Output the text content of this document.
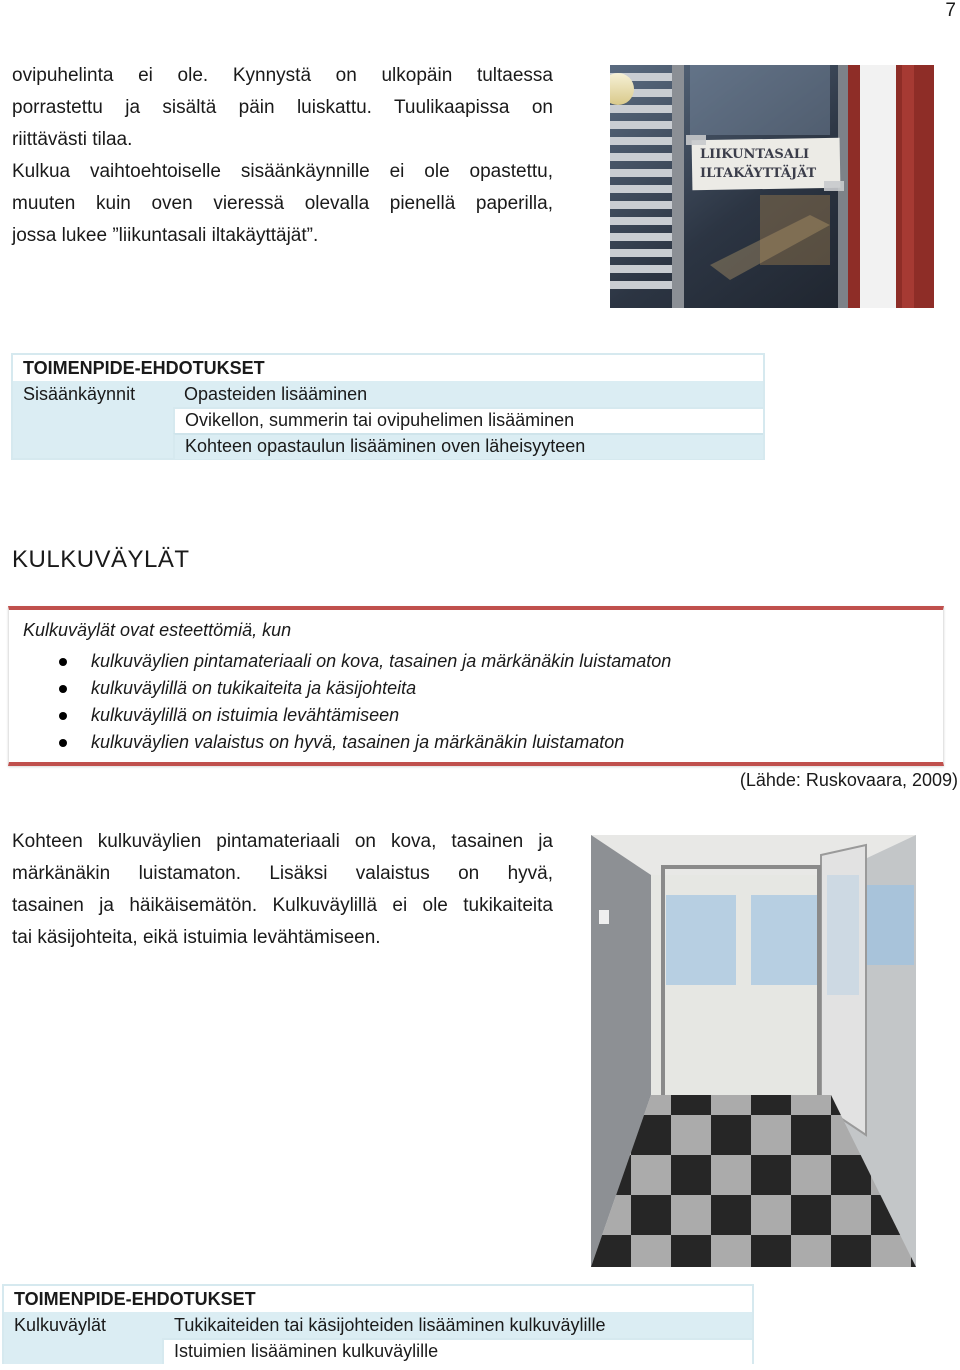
7

ovipuhelinta ei ole. Kynnystä on ulkopäin tultaessa
porrastettu ja sisältä päin luiskattu. Tuulikaapissa on
riittävästi tilaa.
Kulkua vaihtoehtoiselle sisäänkäynnille ei ole opastettu,
muuten kuin oven vieressä olevalla pienellä paperilla,
jossa lukee ”liikuntasali iltakäyttäjät”.

LIIKUNTASALI
ILTAKÄYTTÄJÄT
TOIMENPIDE-EHDOTUKSET
Sisäänkäynnit	Opasteiden lisääminen
Ovikellon, summerin tai ovipuhelimen lisääminen
Kohteen opastaulun lisääminen oven läheisyyteen
KULKUVÄYLÄT
Kulkuväylät ovat esteettömiä, kun
kulkuväylien pintamateriaali on kova, tasainen ja märkänäkin luistamaton
kulkuväylillä on tukikaiteita ja käsijohteita
kulkuväylillä on istuimia levähtämiseen
kulkuväylien valaistus on hyvä, tasainen ja märkänäkin luistamaton
(Lähde: Ruskovaara, 2009)

Kohteen kulkuväylien pintamateriaali on kova, tasainen ja
märkänäkin luistamaton. Lisäksi valaistus on hyvä,
tasainen ja häikäisemätön. Kulkuväylillä ei ole tukikaiteita
tai käsijohteita, eikä istuimia levähtämiseen.

TOIMENPIDE-EHDOTUKSET
Kulkuväylät	Tukikaiteiden tai käsijohteiden lisääminen kulkuväylille
Istuimien lisääminen kulkuväylille
